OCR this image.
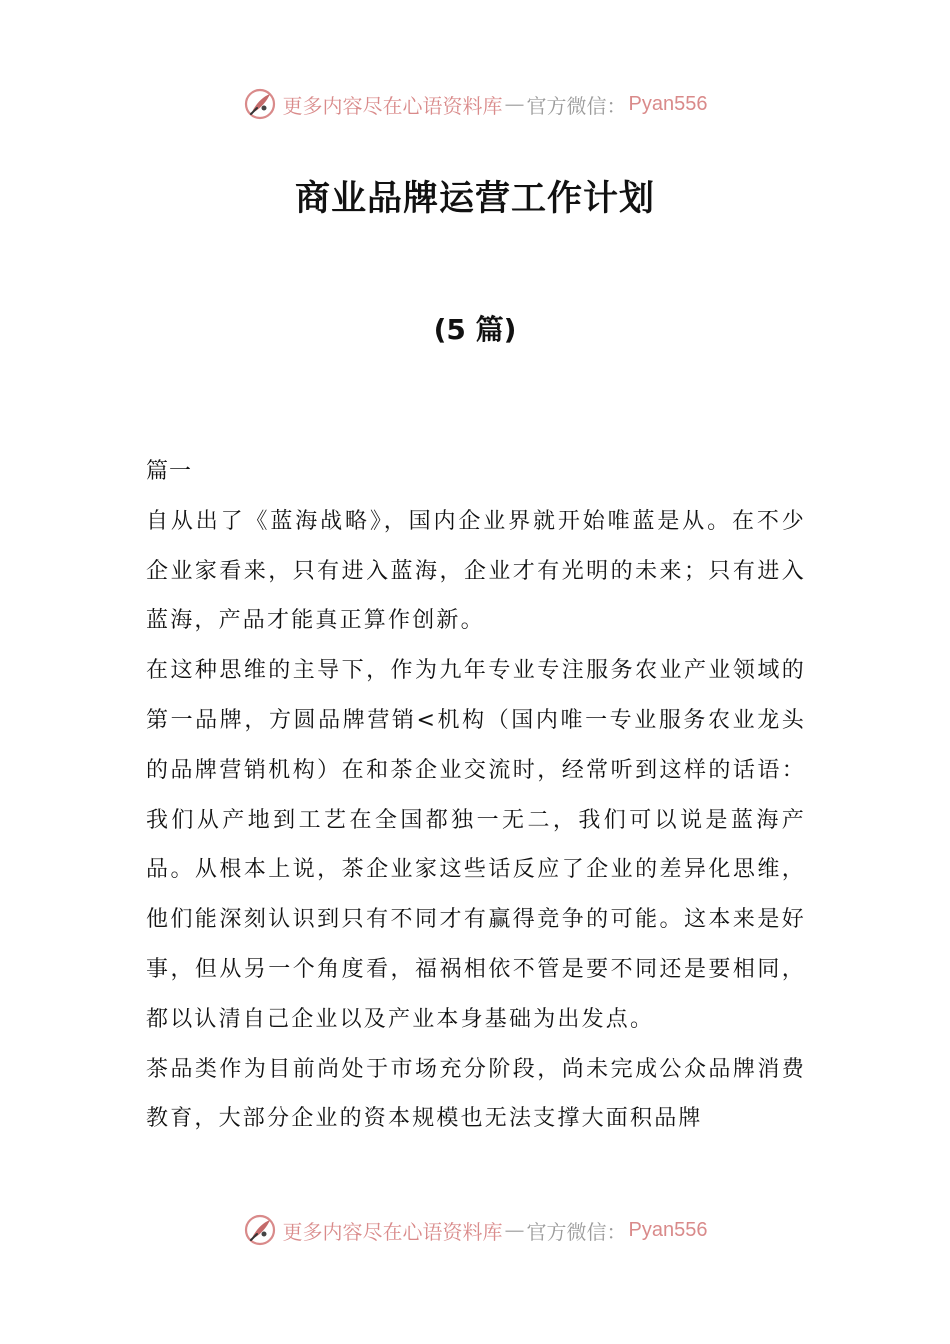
更多内容尽在心语资料库 — 官方微信： Pyan556
商业品牌运营工作计划
(5 篇)

篇一

自从出了《蓝海战略》，国内企业界就开始唯蓝是从。在不少企业家看来，只有进入蓝海，企业才有光明的未来；只有进入蓝海，产品才能真正算作创新。

在这种思维的主导下，作为九年专业专注服务农业产业领域的第一品牌，方圆品牌营销<机构（国内唯一专业服务农业龙头的品牌营销机构）在和茶企业交流时，经常听到这样的话语：我们从产地到工艺在全国都独一无二，我们可以说是蓝海产品。从根本上说，茶企业家这些话反应了企业的差异化思维，他们能深刻认识到只有不同才有赢得竞争的可能。这本来是好事，但从另一个角度看，福祸相依不管是要不同还是要相同，都以认清自己企业以及产业本身基础为出发点。

茶品类作为目前尚处于市场充分阶段，尚未完成公众品牌消费教育，大部分企业的资本规模也无法支撑大面积品牌

更多内容尽在心语资料库 — 官方微信： Pyan556
